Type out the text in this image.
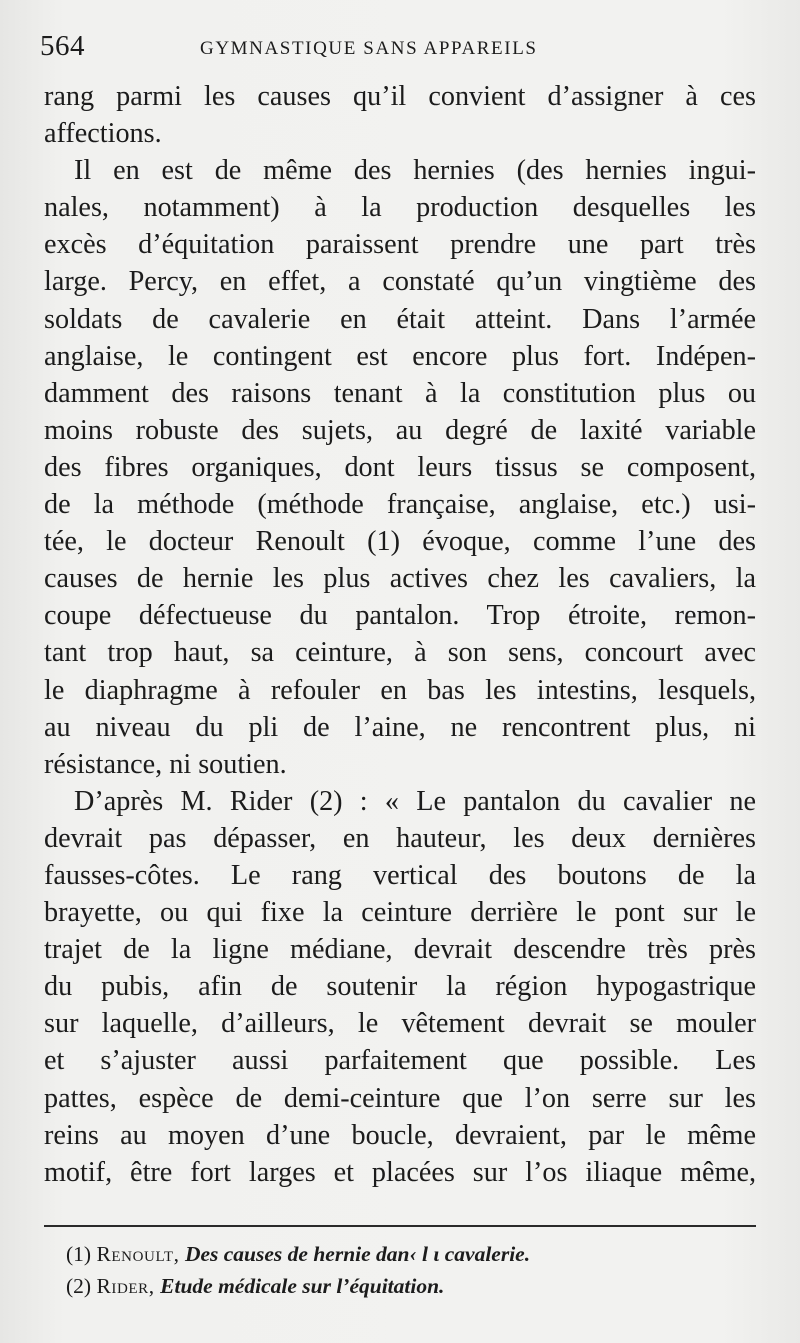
564	GYMNASTIQUE SANS APPAREILS
rang parmi les causes qu’il convient d’assigner à ces
affections.
Il en est de même des hernies (des hernies ingui-
nales, notamment) à la production desquelles les
excès d’équitation paraissent prendre une part très
large. Percy, en effet, a constaté qu’un vingtième des
soldats de cavalerie en était atteint. Dans l’armée
anglaise, le contingent est encore plus fort. Indépen-
damment des raisons tenant à la constitution plus ou
moins robuste des sujets, au degré de laxité variable
des fibres organiques, dont leurs tissus se composent,
de la méthode (méthode française, anglaise, etc.) usi-
tée, le docteur Renoult (1) évoque, comme l’une des
causes de hernie les plus actives chez les cavaliers, la
coupe défectueuse du pantalon. Trop étroite, remon-
tant trop haut, sa ceinture, à son sens, concourt avec
le diaphragme à refouler en bas les intestins, lesquels,
au niveau du pli de l’aine, ne rencontrent plus, ni
résistance, ni soutien.
D’après M. Rider (2) : « Le pantalon du cavalier ne
devrait pas dépasser, en hauteur, les deux dernières
fausses-côtes. Le rang vertical des boutons de la
brayette, ou qui fixe la ceinture derrière le pont sur le
trajet de la ligne médiane, devrait descendre très près
du pubis, afin de soutenir la région hypogastrique
sur laquelle, d’ailleurs, le vêtement devrait se mouler
et s’ajuster aussi parfaitement que possible. Les
pattes, espèce de demi-ceinture que l’on serre sur les
reins au moyen d’une boucle, devraient, par le même
motif, être fort larges et placées sur l’os iliaque même,
(1) Renoult, Des causes de hernie dan‹ l ι cavalerie.
(2) Rider, Etude médicale sur l’équitation.
